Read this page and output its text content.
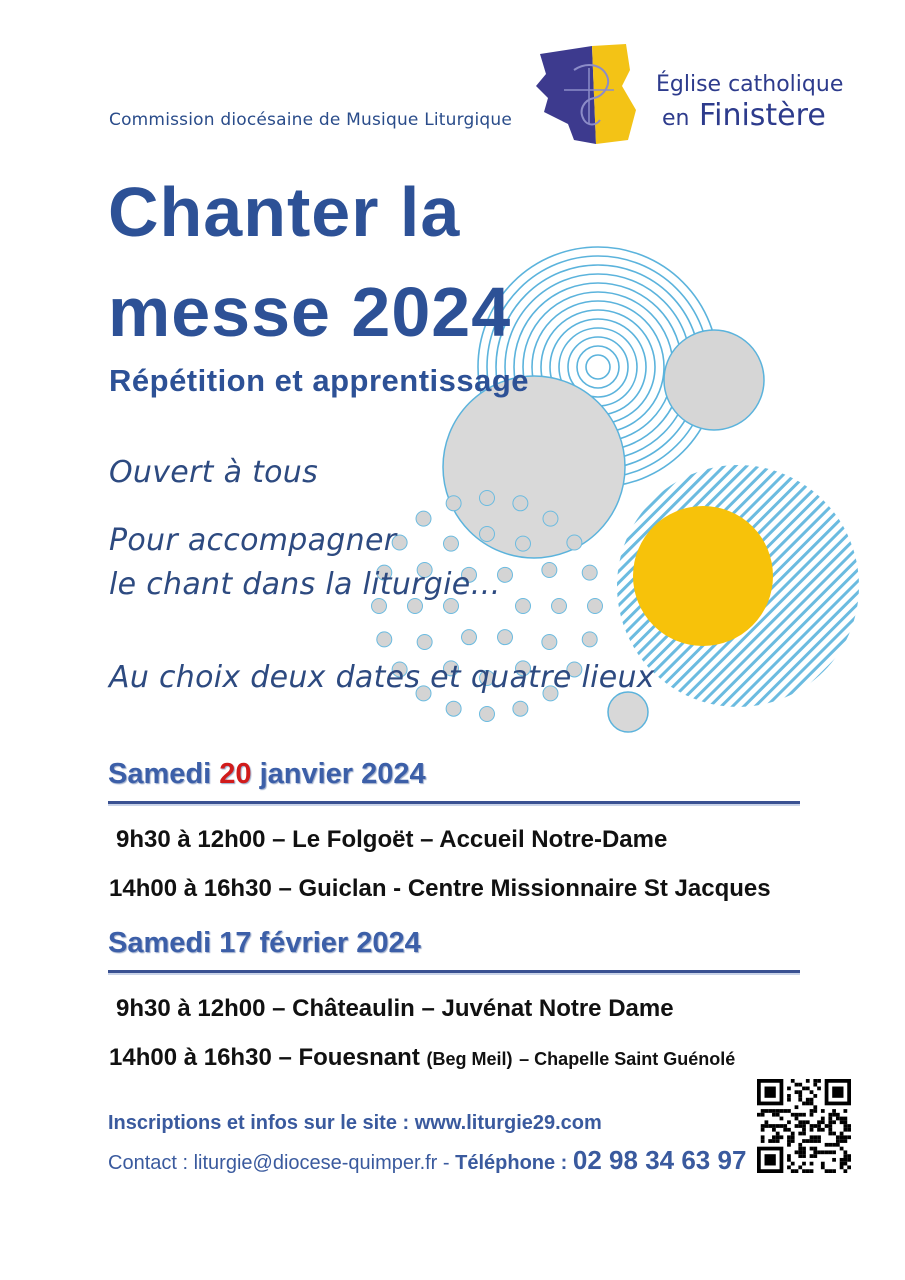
Commission diocésaine de Musique Liturgique
Église catholique
en Finistère
Chanter la
messe 2024
Répétition et apprentissage
Ouvert à tous
Pour accompagner
le chant dans la liturgie…
Au choix deux dates et quatre lieux
Samedi 20 janvier 2024
9h30 à 12h00 – Le Folgoët – Accueil Notre-Dame
14h00 à 16h30 – Guiclan - Centre Missionnaire St Jacques
Samedi 17 février 2024
9h30 à 12h00 – Châteaulin – Juvénat Notre Dame
14h00 à 16h30 – Fouesnant (Beg Meil) – Chapelle Saint Guénolé
Inscriptions et infos sur le site : www.liturgie29.com
Contact : liturgie@diocese-quimper.fr - Téléphone : 02 98 34 63 97
